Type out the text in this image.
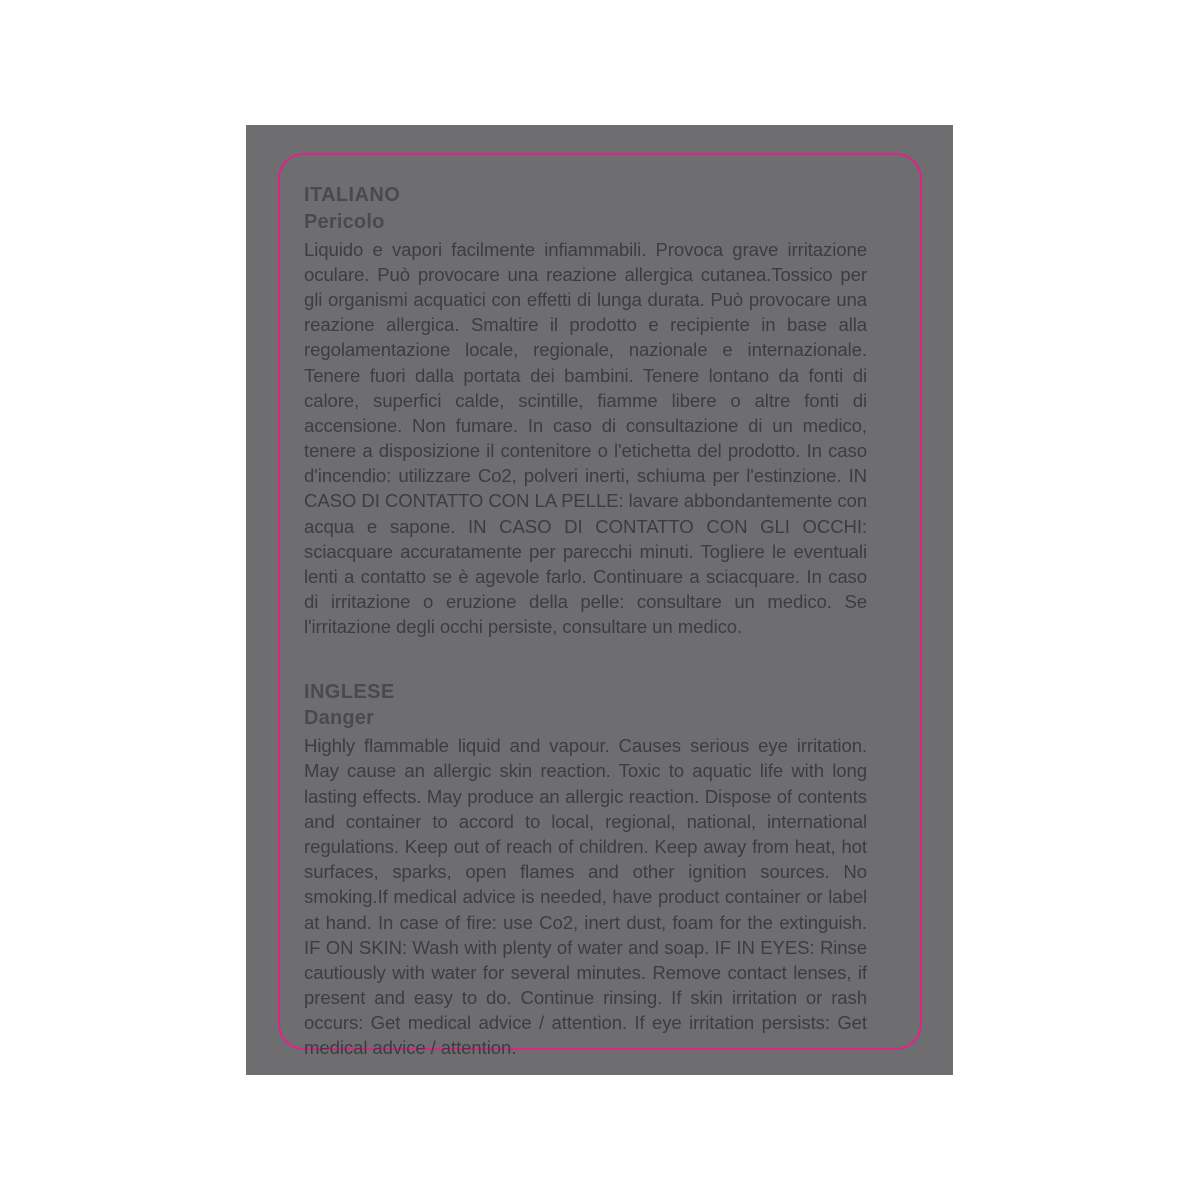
ITALIANO

Pericolo

Liquido e vapori facilmente infiammabili. Provoca grave irritazione oculare. Può provocare una reazione allergica cutanea.Tossico per gli organismi acquatici con effetti di lunga durata. Può provocare una reazione allergica. Smaltire il prodotto e recipiente in base alla regolamentazione locale, regionale, nazionale e internazionale. Tenere fuori dalla portata dei bambini. Tenere lontano da fonti di calore, superfici calde, scintille, fiamme libere o altre fonti di accensione. Non fumare. In caso di consultazione di un medico, tenere a disposizione il contenitore o l'etichetta del prodotto. In caso d'incendio: utilizzare Co2, polveri inerti, schiuma per l'estinzione. IN CASO DI CONTATTO CON LA PELLE: lavare abbondantemente con acqua e sapone. IN CASO DI CONTATTO CON GLI OCCHI: sciacquare accuratamente per parecchi minuti. Togliere le eventuali lenti a contatto se è agevole farlo. Continuare a sciacquare. In caso di irritazione o eruzione della pelle: consultare un medico. Se l'irritazione degli occhi persiste, consultare un medico.

INGLESE

Danger

Highly flammable liquid and vapour. Causes serious eye irritation. May cause an allergic skin reaction. Toxic to aquatic life with long lasting effects. May produce an allergic reaction. Dispose of contents and container to accord to local, regional, national, international regulations. Keep out of reach of children. Keep away from heat, hot surfaces, sparks, open flames and other ignition sources. No smoking.If medical advice is needed, have product container or label at hand. In case of fire: use Co2, inert dust, foam for the extinguish. IF ON SKIN: Wash with plenty of water and soap. IF IN EYES: Rinse cautiously with water for several minutes. Remove contact lenses, if present and easy to do. Continue rinsing. If skin irritation or rash occurs: Get medical advice / attention. If eye irritation persists: Get medical advice / attention.
